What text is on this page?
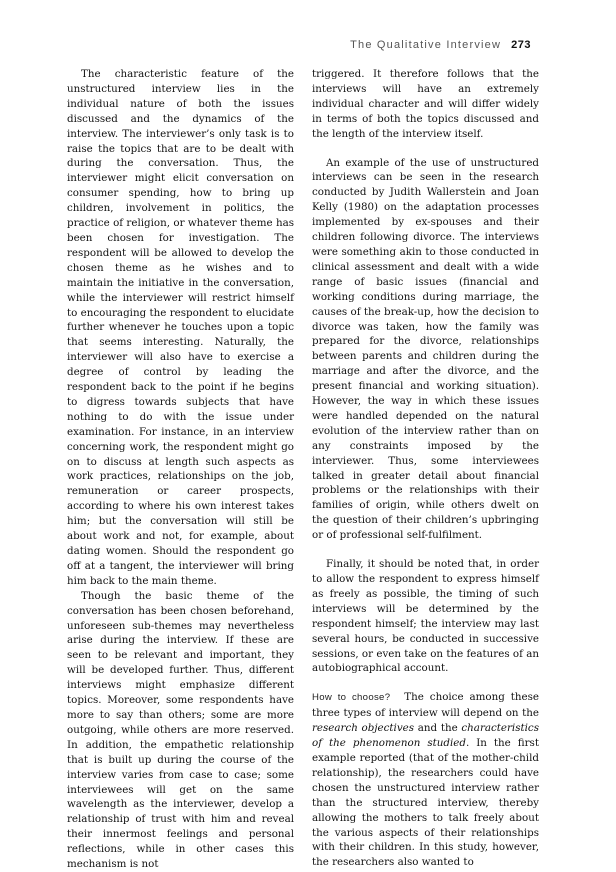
The Qualitative Interview 273

The characteristic feature of the unstructured interview lies in the individual nature of both the issues discussed and the dynamics of the interview. The interviewer’s only task is to raise the topics that are to be dealt with during the conversation. Thus, the interviewer might elicit conversation on consumer spending, how to bring up children, involvement in politics, the practice of religion, or whatever theme has been chosen for investigation. The respondent will be allowed to develop the chosen theme as he wishes and to maintain the initiative in the conversation, while the interviewer will restrict himself to encouraging the respondent to elucidate further whenever he touches upon a topic that seems interesting. Naturally, the interviewer will also have to exercise a degree of control by leading the respondent back to the point if he begins to digress towards subjects that have nothing to do with the issue under examination. For instance, in an interview concerning work, the respondent might go on to discuss at length such aspects as work practices, relationships on the job, remuneration or career prospects, according to where his own interest takes him; but the conversation will still be about work and not, for example, about dating women. Should the respondent go off at a tangent, the interviewer will bring him back to the main theme.

Though the basic theme of the conversation has been chosen beforehand, unforeseen sub-themes may nevertheless arise during the interview. If these are seen to be relevant and important, they will be developed further. Thus, different interviews might emphasize different topics. Moreover, some respondents have more to say than others; some are more outgoing, while others are more reserved. In addition, the empathetic relationship that is built up during the course of the interview varies from case to case; some interviewees will get on the same wavelength as the interviewer, develop a relationship of trust with him and reveal their innermost feelings and personal reflections, while in other cases this mechanism is not

triggered. It therefore follows that the interviews will have an extremely individual character and will differ widely in terms of both the topics discussed and the length of the interview itself.

An example of the use of unstructured interviews can be seen in the research conducted by Judith Wallerstein and Joan Kelly (1980) on the adaptation processes implemented by ex-spouses and their children following divorce. The interviews were something akin to those conducted in clinical assessment and dealt with a wide range of basic issues (financial and working conditions during marriage, the causes of the break-up, how the decision to divorce was taken, how the family was prepared for the divorce, relationships between parents and children during the marriage and after the divorce, and the present financial and working situation). However, the way in which these issues were handled depended on the natural evolution of the interview rather than on any constraints imposed by the interviewer. Thus, some interviewees talked in greater detail about financial problems or the relationships with their families of origin, while others dwelt on the question of their children’s upbringing or of professional self-fulfilment.

Finally, it should be noted that, in order to allow the respondent to express himself as freely as possible, the timing of such interviews will be determined by the respondent himself; the interview may last several hours, be conducted in successive sessions, or even take on the features of an autobiographical account.

How to choose? The choice among these three types of interview will depend on the research objectives and the characteristics of the phenomenon studied. In the first example reported (that of the mother-child relationship), the researchers could have chosen the unstructured interview rather than the structured interview, thereby allowing the mothers to talk freely about the various aspects of their relationships with their children. In this study, however, the researchers also wanted to
